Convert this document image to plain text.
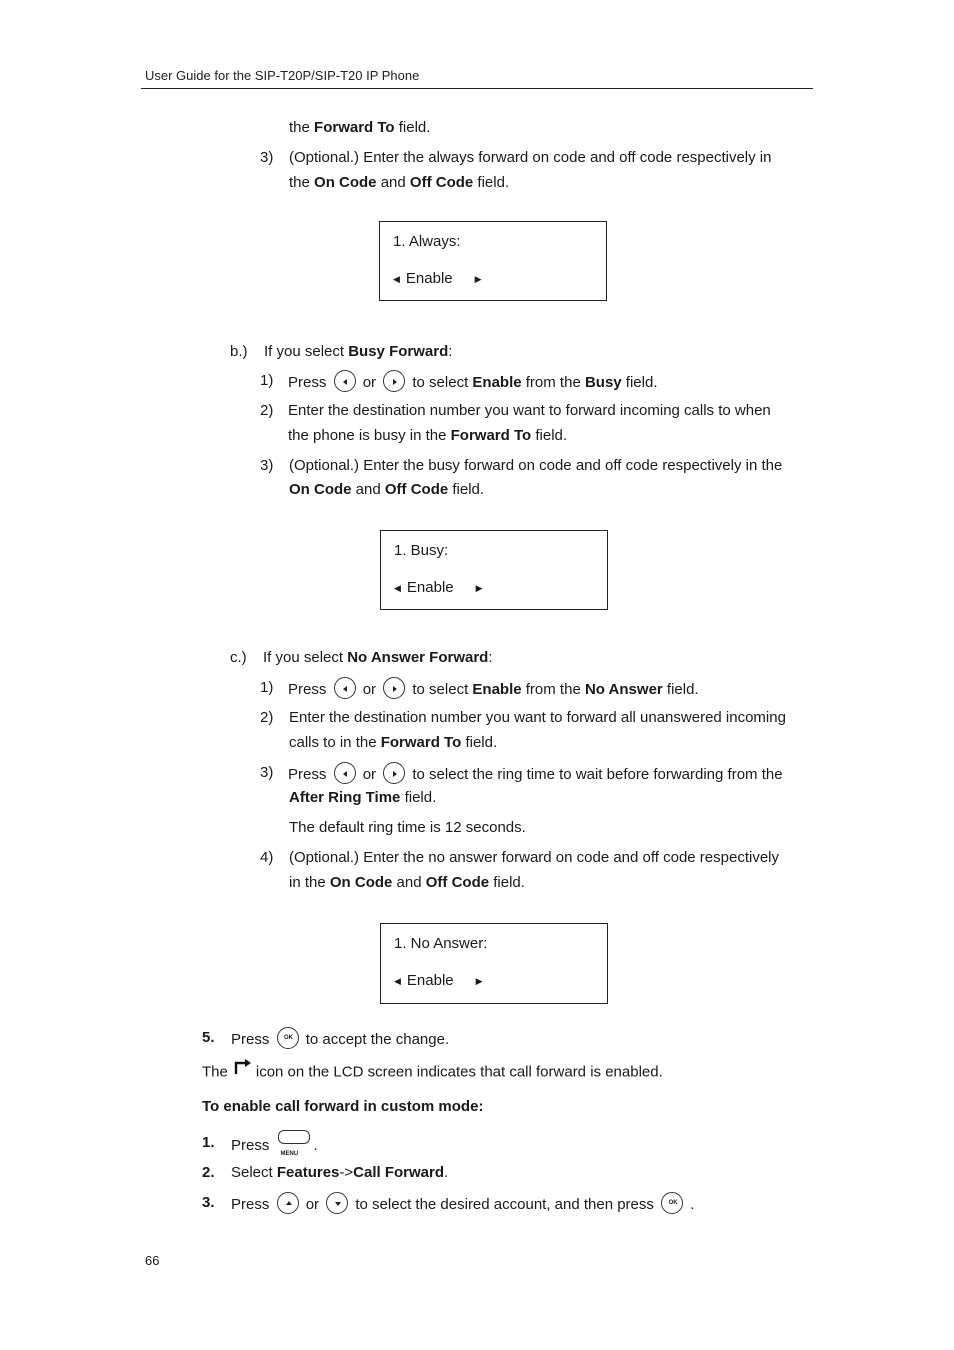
User Guide for the SIP-T20P/SIP-T20 IP Phone
the Forward To field.
3) (Optional.) Enter the always forward on code and off code respectively in
the On Code and Off Code field.
1. Always:
◀ Enable ▶
b.) If you select Busy Forward:
1) Press or to select Enable from the Busy field.
2) Enter the destination number you want to forward incoming calls to when
the phone is busy in the Forward To field.
3) (Optional.) Enter the busy forward on code and off code respectively in the
On Code and Off Code field.
1. Busy:
◀ Enable ▶
c.) If you select No Answer Forward:
1) Press or to select Enable from the No Answer field.
2) Enter the destination number you want to forward all unanswered incoming
calls to in the Forward To field.
3) Press or to select the ring time to wait before forwarding from the
After Ring Time field.
The default ring time is 12 seconds.
4) (Optional.) Enter the no answer forward on code and off code respectively
in the On Code and Off Code field.
1. No Answer:
◀ Enable ▶
5. Press	OK to accept the change.
The icon on the LCD screen indicates that call forward is enabled.
To enable call forward in custom mode:
1. Press
MENU
.
2. Select Features->Call Forward.
3. Press or to select the desired account, and then press	OK .
66
